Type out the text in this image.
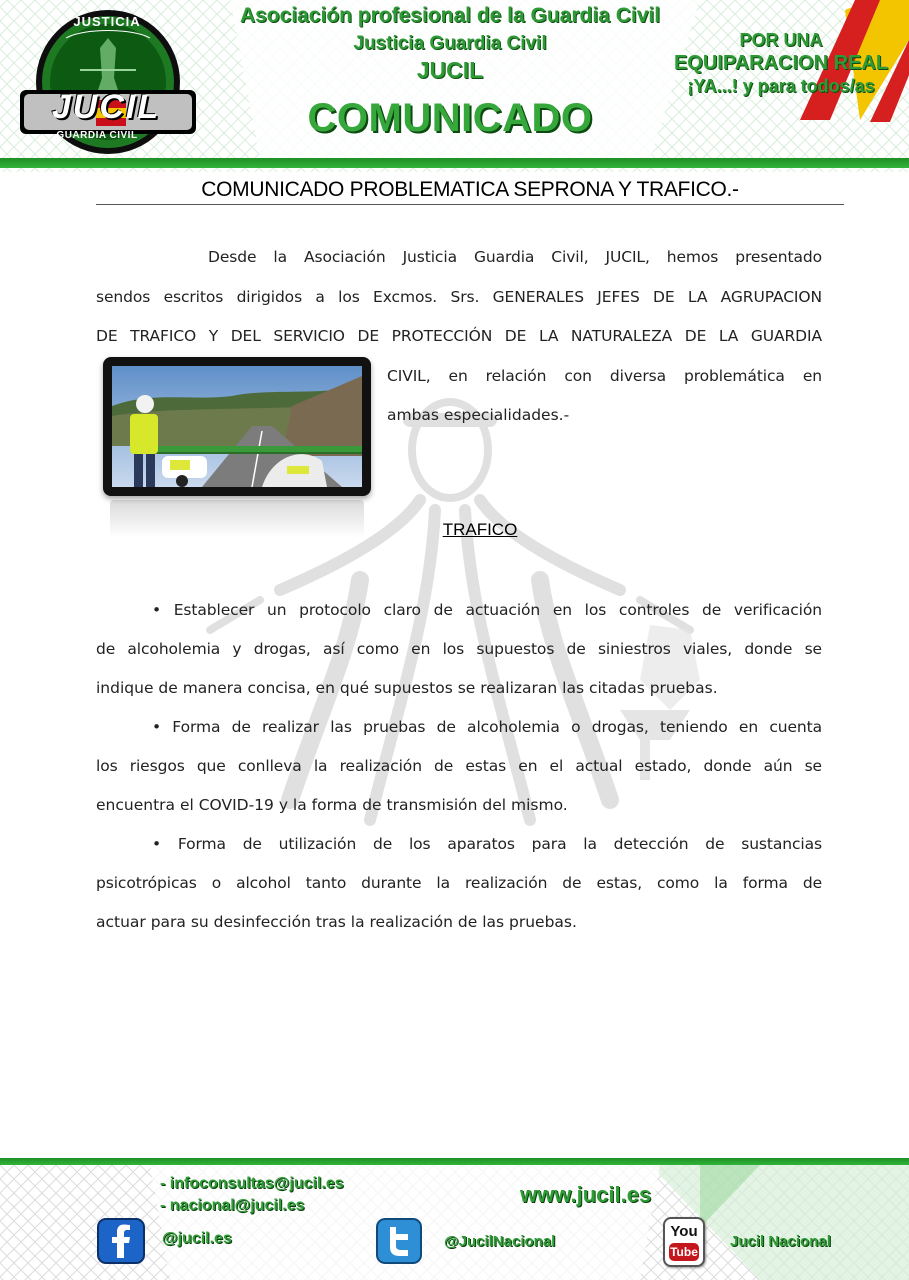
JUSTICIA
JUCIL
GUARDIA CIVIL
Asociación profesional de la Guardia Civil
Justicia Guardia Civil
JUCIL
COMUNICADO
POR UNA
EQUIPARACION REAL
¡YA...! y para todos/as
COMUNICADO PROBLEMATICA SEPRONA Y TRAFICO.-
Desde la Asociación Justicia Guardia Civil, JUCIL, hemos presentado
sendos escritos dirigidos a los Excmos. Srs. GENERALES JEFES DE LA AGRUPACION
DE TRAFICO Y DEL SERVICIO DE PROTECCIÓN DE LA NATURALEZA DE LA GUARDIA
CIVIL, en relación con diversa problemática en
ambas especialidades.-
TRAFICO
• Establecer un protocolo claro de actuación en los controles de verificación
de alcoholemia y drogas, así como en los supuestos de siniestros viales, donde se
indique de manera concisa, en qué supuestos se realizaran las citadas pruebas.
• Forma de realizar las pruebas de alcoholemia o drogas, teniendo en cuenta
los riesgos que conlleva la realización de estas en el actual estado, donde aún se
encuentra el COVID-19 y la forma de transmisión del mismo.
• Forma de utilización de los aparatos para la detección de sustancias
psicotrópicas o alcohol tanto durante la realización de estas, como la forma de
actuar para su desinfección tras la realización de las pruebas.
- infoconsultas@jucil.es
- nacional@jucil.es	www.jucil.es
@jucil.es	@JucilNacional
You
Tube
Jucil Nacional
